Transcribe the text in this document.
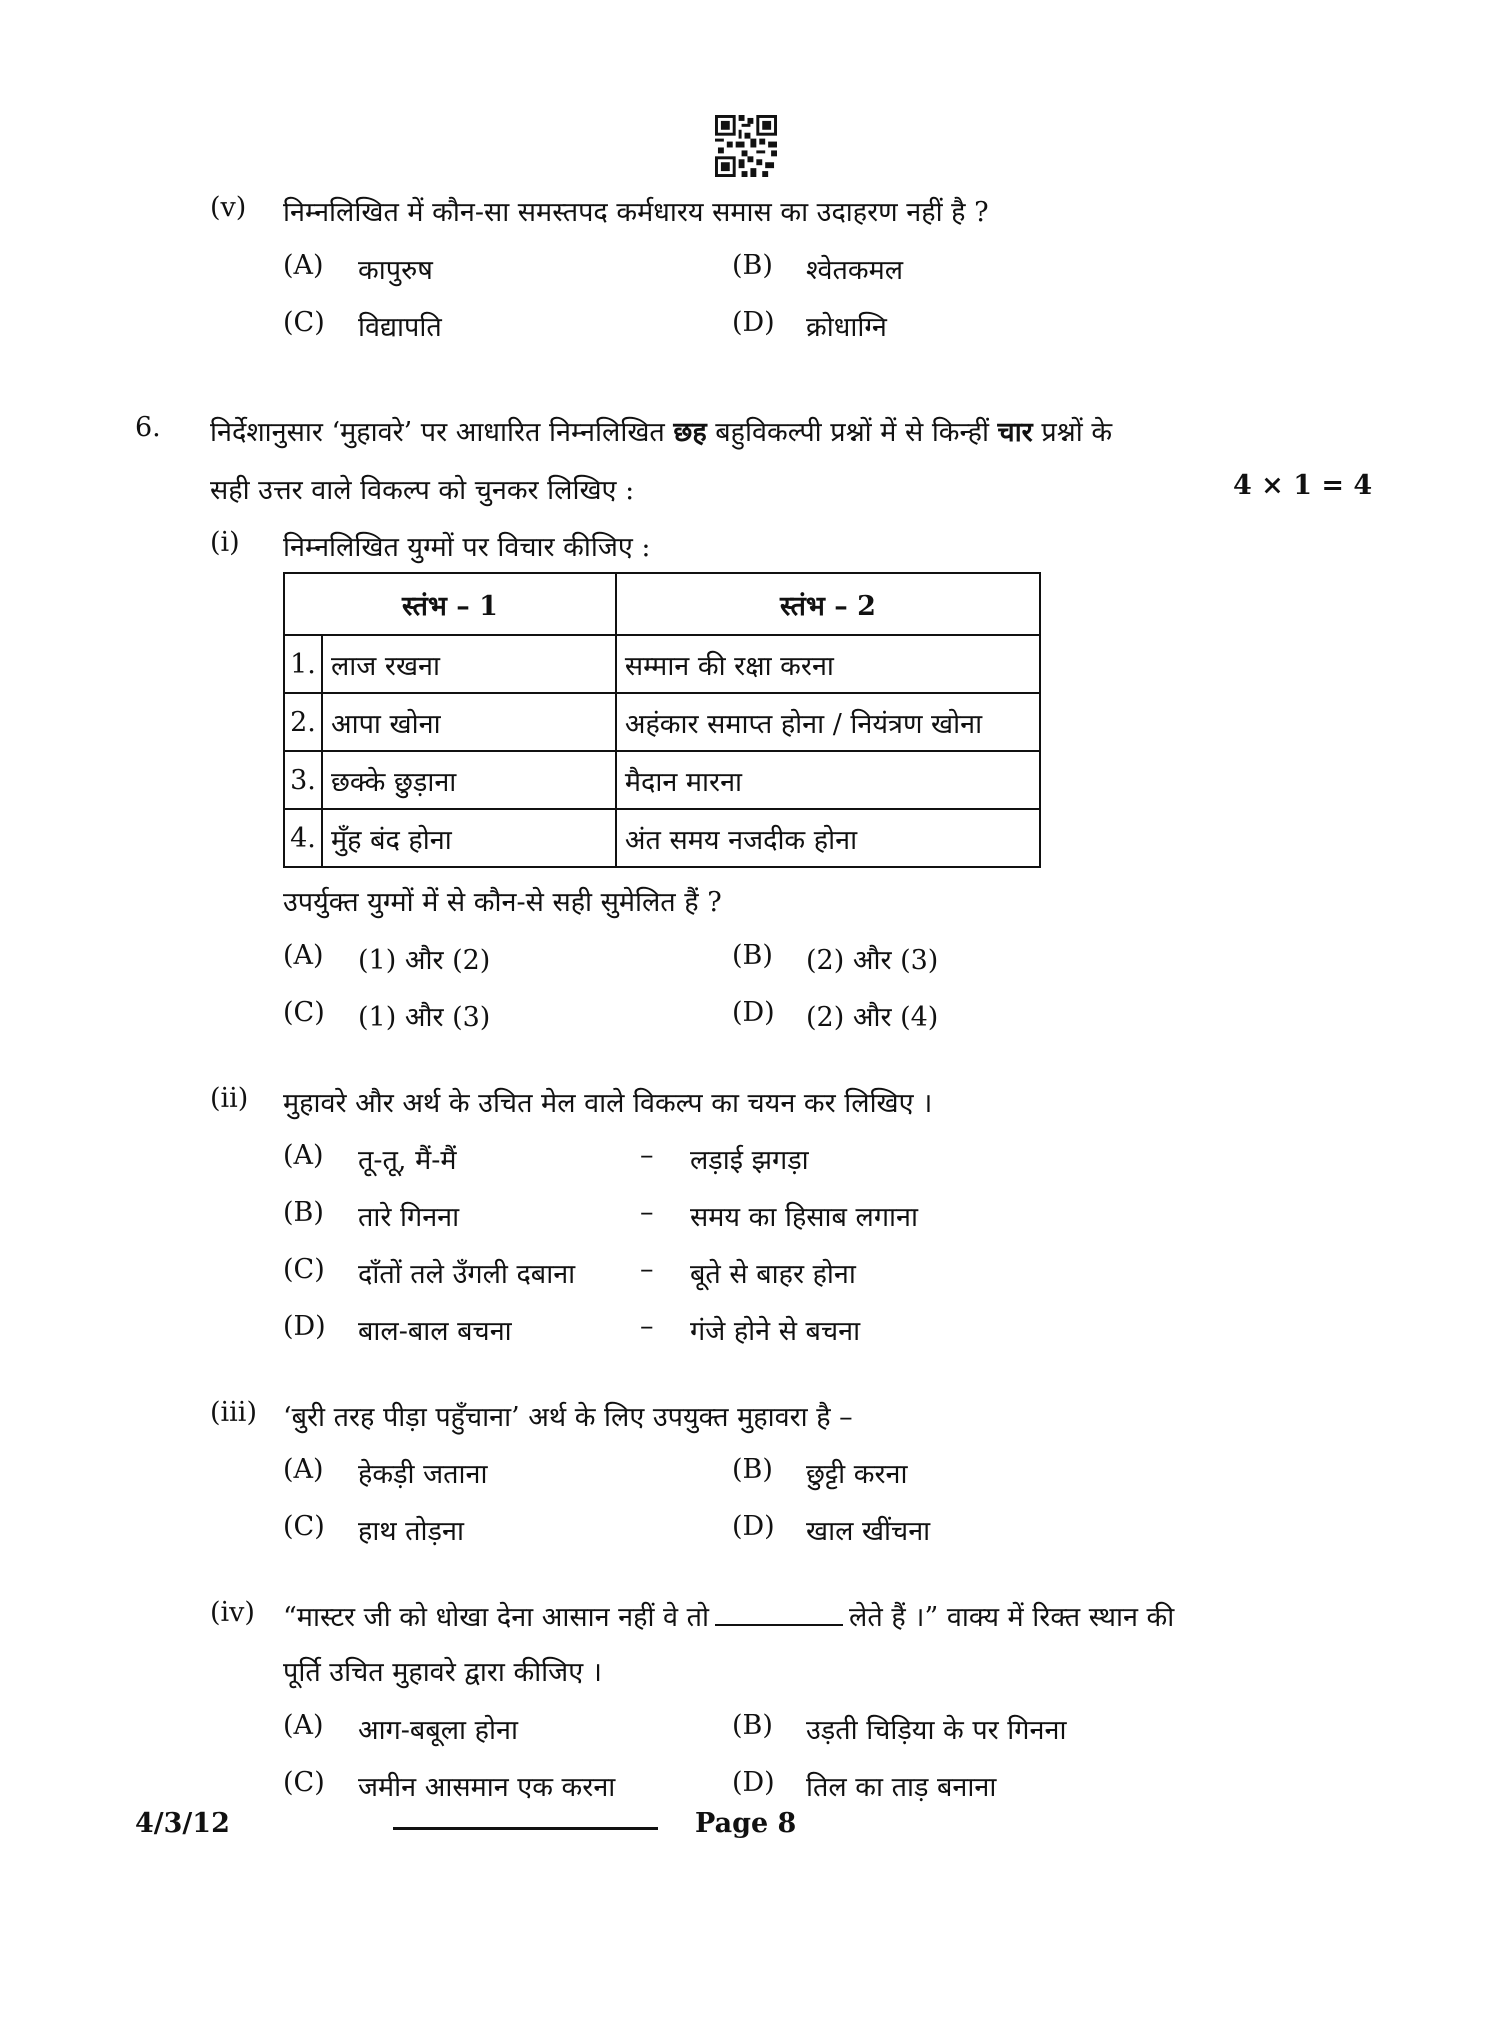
(v) निम्नलिखित में कौन-सा समस्तपद कर्मधारय समास का उदाहरण नहीं है ?
(A) कापुरुष	(B) श्वेतकमल
(C) विद्यापति	(D) क्रोधाग्नि
6. निर्देशानुसार ‘मुहावरे’ पर आधारित निम्नलिखित छह बहुविकल्पी प्रश्नों में से किन्हीं चार प्रश्नों के
सही उत्तर वाले विकल्प को चुनकर लिखिए :	4 × 1 = 4
(i) निम्नलिखित युग्मों पर विचार कीजिए :
स्तंभ – 1		स्तंभ – 2
1.	लाज रखना	सम्मान की रक्षा करना
2.	आपा खोना	अहंकार समाप्त होना / नियंत्रण खोना
3.	छक्के छुड़ाना	मैदान मारना
4.	मुँह बंद होना	अंत समय नजदीक होना
उपर्युक्त युग्मों में से कौन-से सही सुमेलित हैं ?
(A) (1) और (2)	(B) (2) और (3)
(C) (1) और (3)	(D) (2) और (4)
(ii) मुहावरे और अर्थ के उचित मेल वाले विकल्प का चयन कर लिखिए ।
(A) तू-तू, मैं-मैं	– लड़ाई झगड़ा
(B) तारे गिनना	– समय का हिसाब लगाना
(C) दाँतों तले उँगली दबाना – बूते से बाहर होना
(D) बाल-बाल बचना	– गंजे होने से बचना
(iii) ‘बुरी तरह पीड़ा पहुँचाना’ अर्थ के लिए उपयुक्त मुहावरा है –
(A) हेकड़ी जताना	(B) छुट्टी करना
(C) हाथ तोड़ना	(D) खाल खींचना
(iv) “मास्टर जी को धोखा देना आसान नहीं वे तो	लेते हैं ।” वाक्य में रिक्त स्थान की
पूर्ति उचित मुहावरे द्वारा कीजिए ।
(A) आग-बबूला होना	(B) उड़ती चिड़िया के पर गिनना
(C) जमीन आसमान एक करना	(D) तिल का ताड़ बनाना
4/3/12	Page 8
